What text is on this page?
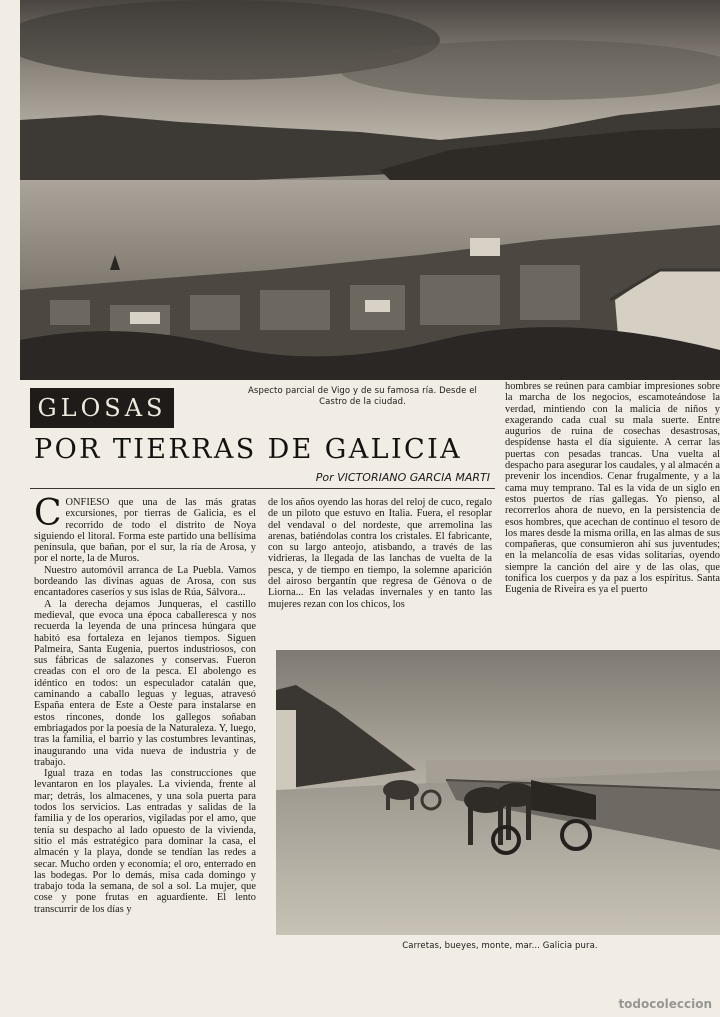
Aspecto parcial de Vigo y de su famosa ría. Desde el Castro de la ciudad.
GLOSAS
POR TIERRAS DE GALICIA
Por VICTORIANO GARCIA MARTI

CONFIESO que una de las más gratas excursiones, por tierras de Galicia, es el recorrido de todo el distrito de Noya siguiendo el litoral. Forma este partido una bellísima península, que bañan, por el sur, la ría de Arosa, y por el norte, la de Muros.

Nuestro automóvil arranca de La Puebla. Vamos bordeando las divinas aguas de Arosa, con sus encantadores caseríos y sus islas de Rúa, Sálvora...

A la derecha dejamos Junqueras, el castillo medieval, que evoca una época caballeresca y nos recuerda la leyenda de una princesa húngara que habitó esa fortaleza en lejanos tiempos. Siguen Palmeira, Santa Eugenia, puertos industriosos, con sus fábricas de salazones y conservas. Fueron creadas con el oro de la pesca. El abolengo es idéntico en todos: un especulador catalán que, caminando a caballo leguas y leguas, atravesó España entera de Este a Oeste para instalarse en estos rincones, donde los gallegos soñaban embriagados por la poesía de la Naturaleza. Y, luego, tras la familia, el barrio y las costumbres levantinas, inaugurando una vida nueva de industria y de trabajo.

Igual traza en todas las construcciones que levantaron en los playales. La vivienda, frente al mar; detrás, los almacenes, y una sola puerta para todos los servicios. Las entradas y salidas de la familia y de los operarios, vigiladas por el amo, que tenía su despacho al lado opuesto de la vivienda, sitio el más estratégico para dominar la casa, el almacén y la playa, donde se tendían las redes a secar. Mucho orden y economía; el oro, enterrado en las bodegas. Por lo demás, misa cada domingo y trabajo toda la semana, de sol a sol. La mujer, que cose y pone frutas en aguardiente. El lento transcurrir de los días y

de los años oyendo las horas del reloj de cuco, regalo de un piloto que estuvo en Italia. Fuera, el resoplar del vendaval o del nordeste, que arremolina las arenas, batiéndolas contra los cristales. El fabricante, con su largo anteojo, atisbando, a través de las vidrieras, la llegada de las lanchas de vuelta de la pesca, y de tiempo en tiempo, la solemne aparición del airoso bergantín que regresa de Génova o de Liorna... En las veladas invernales y en tanto las mujeres rezan con los chicos, los

hombres se reúnen para cambiar impresiones sobre la marcha de los negocios, escamoteándose la verdad, mintiendo con la malicia de niños y exagerando cada cual su mala suerte. Entre augurios de ruina de cosechas desastrosas, despídense hasta el día siguiente. A cerrar las puertas con pesadas trancas. Una vuelta al despacho para asegurar los caudales, y al almacén a prevenir los incendios. Cenar frugalmente, y a la cama muy temprano. Tal es la vida de un siglo en estos puertos de rías gallegas. Yo pienso, al recorrerlos ahora de nuevo, en la persistencia de esos hombres, que acechan de continuo el tesoro de los mares desde la misma orilla, en las almas de sus compañeras, que consumieron ahí sus juventudes; en la melancolía de esas vidas solitarias, oyendo siempre la canción del aire y de las olas, que tonifica los cuerpos y da paz a los espíritus. Santa Eugenia de Riveira es ya el puerto

Carretas, bueyes, monte, mar... Galicia pura.
todocoleccion
